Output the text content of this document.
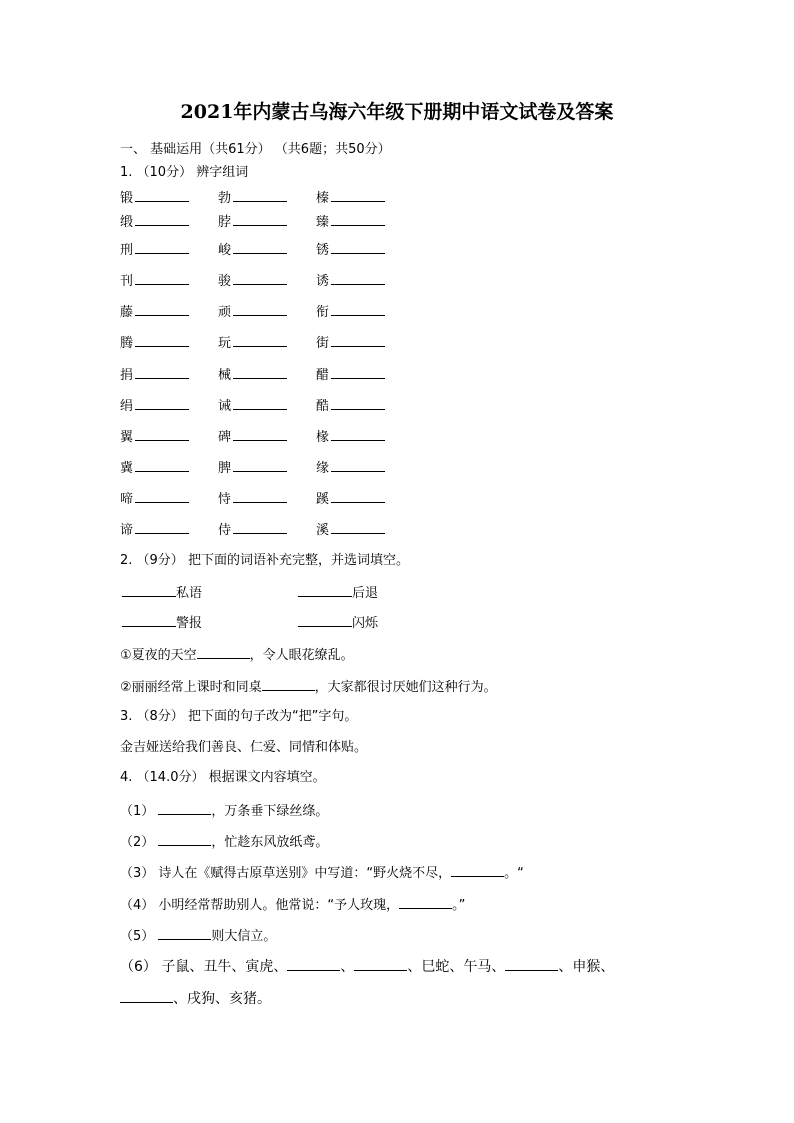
2021年内蒙古乌海六年级下册期中语文试卷及答案
一、 基础运用（共61分） （共6题；共50分）
1. （10分） 辨字组词
锻	勃	榛
缎	脖	臻
刑	峻	锈
刊	骏	诱
藤	顽	衔
腾	玩	街
捐	械	醋
绢	诫	酷
翼	碑	椽
冀	脾	缘
啼	恃	蹊
谛	侍	溪
2. （9分） 把下面的词语补充完整，并选词填空。
私语	后退
警报	闪烁
①夏夜的天空	，令人眼花缭乱。
②丽丽经常上课时和同桌	，大家都很讨厌她们这种行为。
3. （8分） 把下面的句子改为“把”字句。
金吉娅送给我们善良、仁爱、同情和体贴。
4. （14.0分） 根据课文内容填空。
（1）	，万条垂下绿丝绦。
（2）	，忙趁东风放纸鸢。
（3） 诗人在《赋得古原草送别》中写道：“野火烧不尽，	。“
（4） 小明经常帮助别人。他常说：“予人玫瑰，	。”
（5）	则大信立。
（6） 子鼠、丑牛、寅虎、	、	、巳蛇、午马、	、申猴、
、戌狗、亥猪。
